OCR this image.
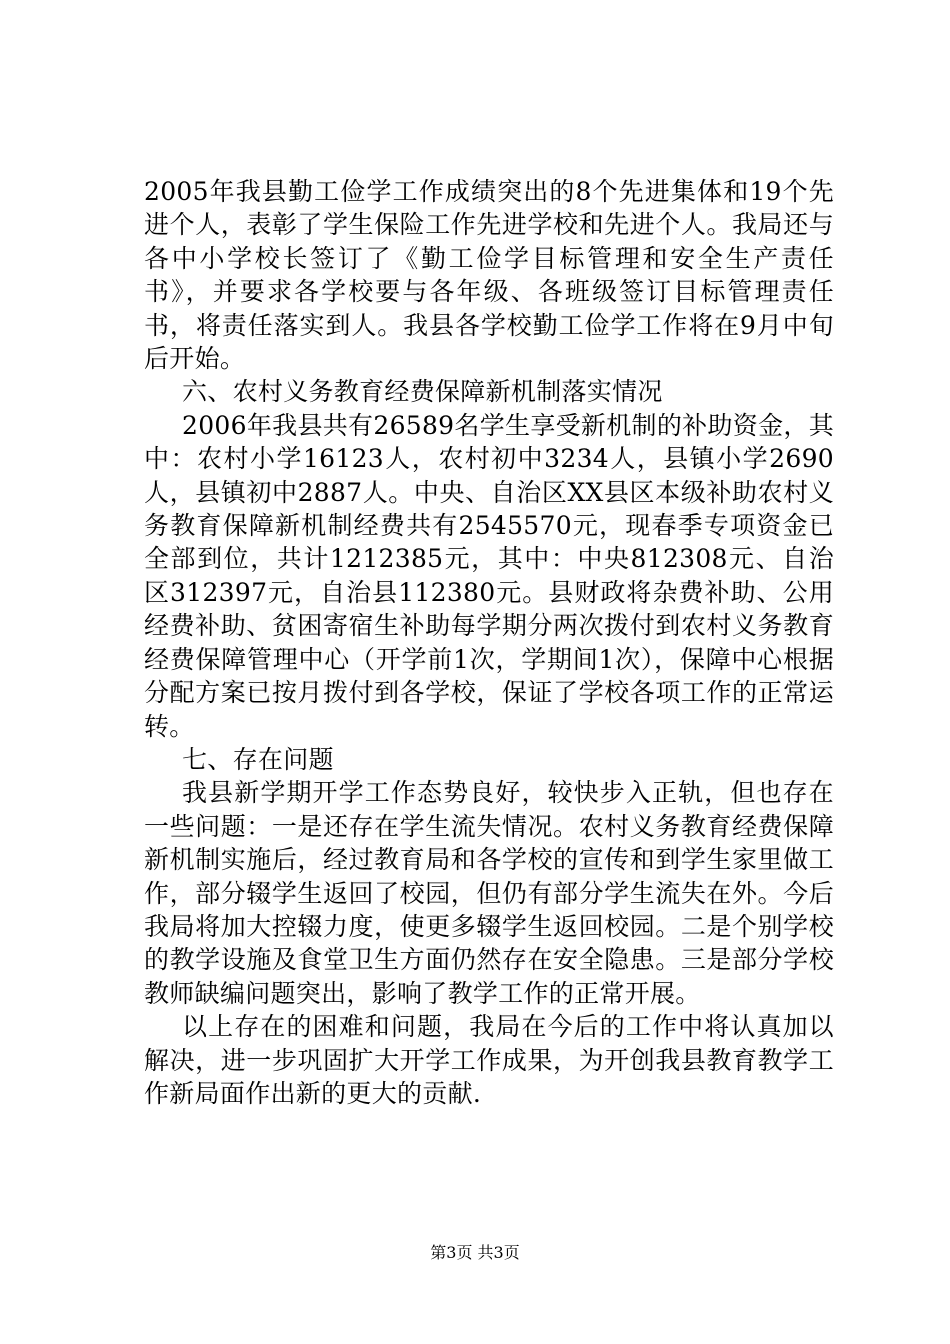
2005年我县勤工俭学工作成绩突出的8个先进集体和19个先进个人，表彰了学生保险工作先进学校和先进个人。我局还与各中小学校长签订了《勤工俭学目标管理和安全生产责任书》，并要求各学校要与各年级、各班级签订目标管理责任书，将责任落实到人。我县各学校勤工俭学工作将在9月中旬后开始。

六、农村义务教育经费保障新机制落实情况

2006年我县共有26589名学生享受新机制的补助资金，其中：农村小学16123人，农村初中3234人，县镇小学2690人，县镇初中2887人。中央、自治区XX县区本级补助农村义务教育保障新机制经费共有2545570元，现春季专项资金已全部到位，共计1212385元，其中：中央812308元、自治区312397元，自治县112380元。县财政将杂费补助、公用经费补助、贫困寄宿生补助每学期分两次拨付到农村义务教育经费保障管理中心（开学前1次，学期间1次），保障中心根据分配方案已按月拨付到各学校，保证了学校各项工作的正常运转。

七、存在问题

我县新学期开学工作态势良好，较快步入正轨，但也存在一些问题：一是还存在学生流失情况。农村义务教育经费保障新机制实施后，经过教育局和各学校的宣传和到学生家里做工作，部分辍学生返回了校园，但仍有部分学生流失在外。今后我局将加大控辍力度，使更多辍学生返回校园。二是个别学校的教学设施及食堂卫生方面仍然存在安全隐患。三是部分学校教师缺编问题突出，影响了教学工作的正常开展。

以上存在的困难和问题，我局在今后的工作中将认真加以解决，进一步巩固扩大开学工作成果，为开创我县教育教学工作新局面作出新的更大的贡献.

第3页 共3页
